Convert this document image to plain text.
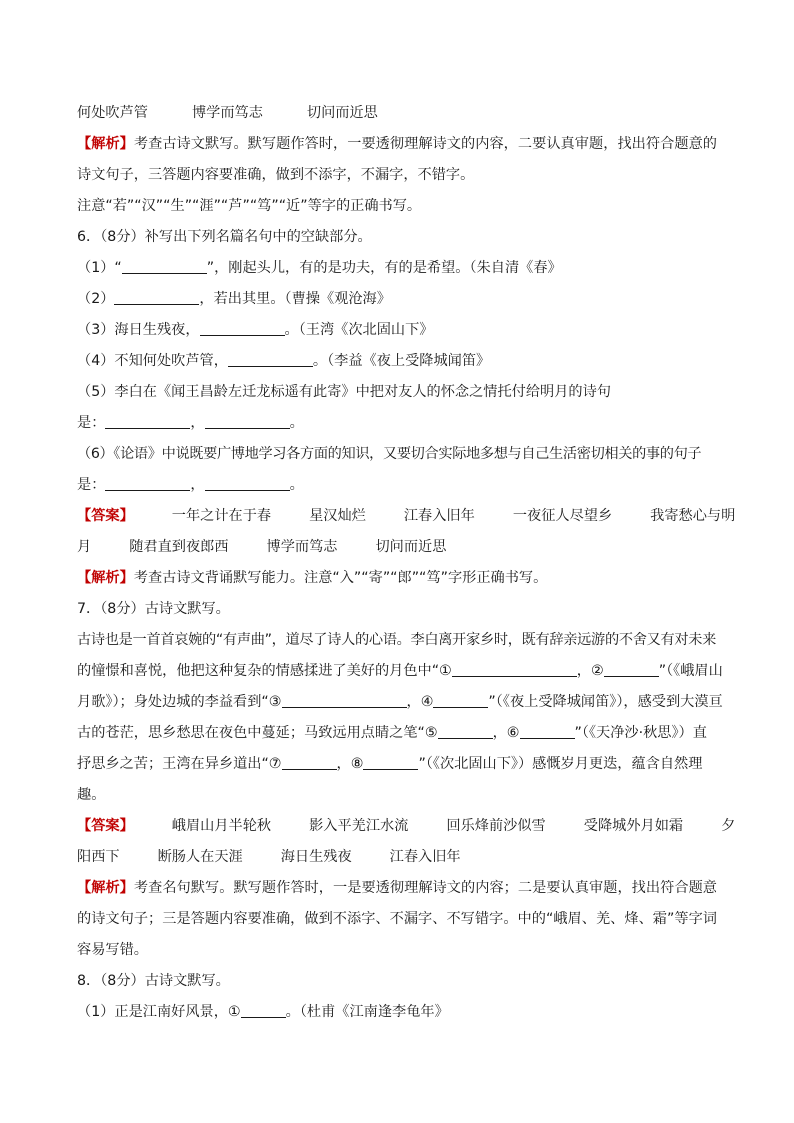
何处吹芦管	博学而笃志	切问而近思
【解析】考查古诗文默写。默写题作答时，一要透彻理解诗文的内容，二要认真审题，找出符合题意的诗文句子，三答题内容要准确，做到不添字，不漏字，不错字。
注意“若”“汉”“生”“涯”“芦”“笃”“近”等字的正确书写。
6．（8分）补写出下列名篇名句中的空缺部分。
（1）“	”，刚起头儿，有的是功夫，有的是希望。（朱自清《春》
（2）	，若出其里。（曹操《观沧海》
（3）海日生残夜，	。（王湾《次北固山下》
（4）不知何处吹芦管，	。（李益《夜上受降城闻笛》
（5）李白在《闻王昌龄左迁龙标遥有此寄》中把对友人的怀念之情托付给明月的诗句
是：	，	。
（6）《论语》中说既要广博地学习各方面的知识，又要切合实际地多想与自己生活密切相关的事的句子
是：	，	。
【答案】	一年之计在于春	星汉灿烂	江春入旧年	一夜征人尽望乡	我寄愁心与明
月	随君直到夜郎西	博学而笃志	切问而近思
【解析】考查古诗文背诵默写能力。注意“入”“寄”“郎”“笃”字形正确书写。
7．（8分）古诗文默写。
古诗也是一首首哀婉的“有声曲”，道尽了诗人的心语。李白离开家乡时，既有辞亲远游的不舍又有对未来
的憧憬和喜悦，他把这种复杂的情感揉进了美好的月色中“①	，②	”（《峨眉山
月歌》）；身处边城的李益看到“③	，④	”（《夜上受降城闻笛》），感受到大漠亘
古的苍茫，思乡愁思在夜色中蔓延；马致远用点睛之笔“⑤	，⑥	”（《天净沙·秋思》）直
抒思乡之苦；王湾在异乡道出“⑦	，⑧	”（《次北固山下》）感慨岁月更迭，蕴含自然理
趣。
【答案】	峨眉山月半轮秋	影入平羌江水流	回乐烽前沙似雪	受降城外月如霜	夕
阳西下	断肠人在天涯	海日生残夜	江春入旧年
【解析】考查名句默写。默写题作答时，一是要透彻理解诗文的内容；二是要认真审题，找出符合题意的诗文句子；三是答题内容要准确，做到不添字、不漏字、不写错字。中的“峨眉、羌、烽、霜”等字词容易写错。
8．（8分）古诗文默写。
（1）正是江南好风景，①	。（杜甫《江南逢李龟年》
